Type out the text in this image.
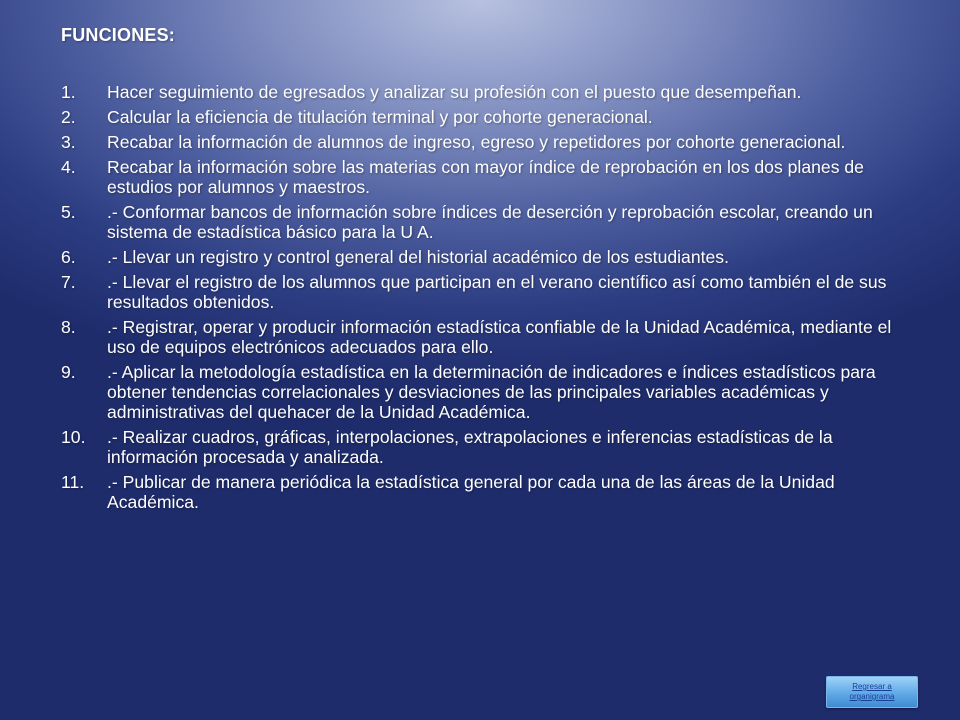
FUNCIONES:
1.	Hacer seguimiento de egresados y analizar su profesión con el puesto que desempeñan.
2.	Calcular la eficiencia de titulación terminal y por cohorte generacional.
3.	Recabar la información de alumnos de ingreso, egreso y repetidores por cohorte generacional.
4.	Recabar la información sobre las materias con mayor índice de reprobación en los dos planes de estudios por alumnos y maestros.
5.	.- Conformar bancos de información sobre índices de deserción y reprobación escolar, creando un sistema de estadística básico para la U A.
6.	.- Llevar un registro y control general del historial académico de los estudiantes.
7.	.- Llevar el registro de los alumnos que participan en el verano científico así como también el de sus resultados obtenidos.
8.	.- Registrar, operar y producir información estadística confiable de la Unidad Académica, mediante el uso de equipos electrónicos adecuados para ello.
9.	.- Aplicar la metodología estadística en la determinación de indicadores e índices estadísticos para obtener tendencias correlacionales y desviaciones de las principales variables académicas y administrativas del quehacer de la Unidad Académica.
10.	.- Realizar cuadros, gráficas, interpolaciones, extrapolaciones e inferencias estadísticas de la información procesada y analizada.
11.	.- Publicar de manera periódica la estadística general por cada una de las áreas de la Unidad Académica.
Regresar a
organigrama
